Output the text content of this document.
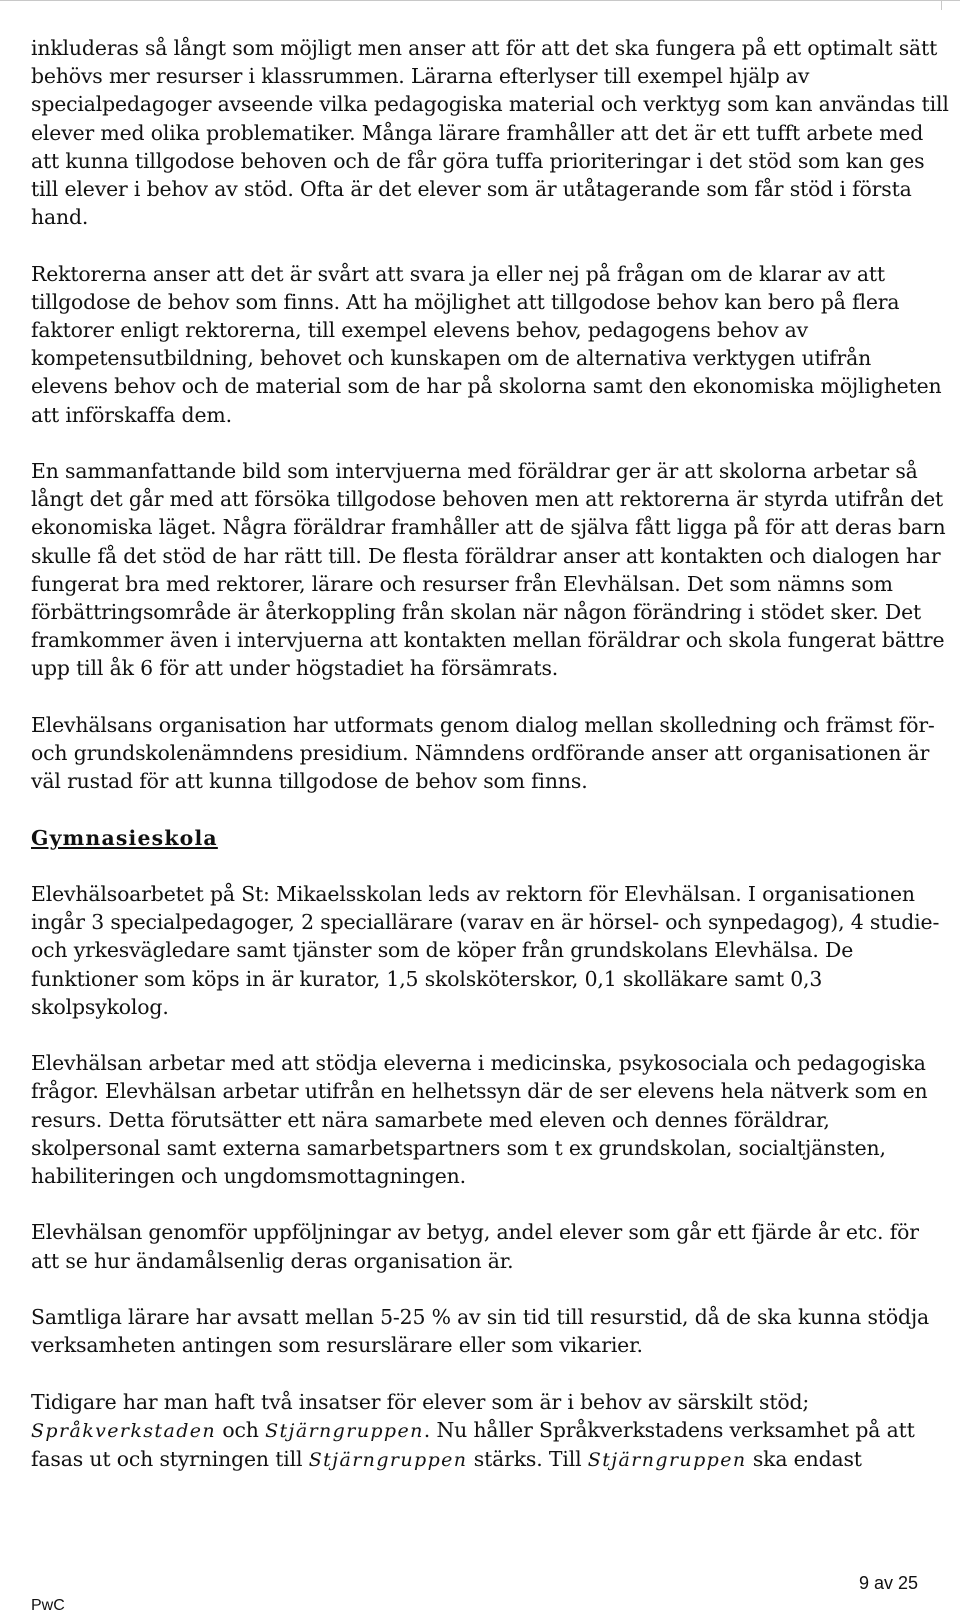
inkluderas så långt som möjligt men anser att för att det ska fungera på ett optimalt sätt behövs mer resurser i klassrummen. Lärarna efterlyser till exempel hjälp av specialpedagoger avseende vilka pedagogiska material och verktyg som kan användas till elever med olika problematiker. Många lärare framhåller att det är ett tufft arbete med att kunna tillgodose behoven och de får göra tuffa prioriteringar i det stöd som kan ges till elever i behov av stöd. Ofta är det elever som är utåtagerande som får stöd i första hand.

Rektorerna anser att det är svårt att svara ja eller nej på frågan om de klarar av att tillgodose de behov som finns. Att ha möjlighet att tillgodose behov kan bero på flera faktorer enligt rektorerna, till exempel elevens behov, pedagogens behov av kompetensutbildning, behovet och kunskapen om de alternativa verktygen utifrån elevens behov och de material som de har på skolorna samt den ekonomiska möjligheten att införskaffa dem.

En sammanfattande bild som intervjuerna med föräldrar ger är att skolorna arbetar så långt det går med att försöka tillgodose behoven men att rektorerna är styrda utifrån det ekonomiska läget. Några föräldrar framhåller att de själva fått ligga på för att deras barn skulle få det stöd de har rätt till. De flesta föräldrar anser att kontakten och dialogen har fungerat bra med rektorer, lärare och resurser från Elevhälsan. Det som nämns som förbättringsområde är återkoppling från skolan när någon förändring i stödet sker. Det framkommer även i intervjuerna att kontakten mellan föräldrar och skola fungerat bättre upp till åk 6 för att under högstadiet ha försämrats.

Elevhälsans organisation har utformats genom dialog mellan skolledning och främst för- och grundskolenämndens presidium. Nämndens ordförande anser att organisationen är väl rustad för att kunna tillgodose de behov som finns.

Gymnasieskola

Elevhälsoarbetet på St: Mikaelsskolan leds av rektorn för Elevhälsan. I organisationen ingår 3 specialpedagoger, 2 speciallärare (varav en är hörsel- och synpedagog), 4 studie- och yrkesvägledare samt tjänster som de köper från grundskolans Elevhälsa. De funktioner som köps in är kurator, 1,5 skolsköterskor, 0,1 skolläkare samt 0,3 skolpsykolog.

Elevhälsan arbetar med att stödja eleverna i medicinska, psykosociala och pedagogiska frågor. Elevhälsan arbetar utifrån en helhetssyn där de ser elevens hela nätverk som en resurs. Detta förutsätter ett nära samarbete med eleven och dennes föräldrar, skolpersonal samt externa samarbetspartners som t ex grundskolan, socialtjänsten, habiliteringen och ungdomsmottagningen.

Elevhälsan genomför uppföljningar av betyg, andel elever som går ett fjärde år etc. för att se hur ändamålsenlig deras organisation är.

Samtliga lärare har avsatt mellan 5-25 % av sin tid till resurstid, då de ska kunna stödja verksamheten antingen som resurslärare eller som vikarier.

Tidigare har man haft två insatser för elever som är i behov av särskilt stöd; Språkverkstaden och Stjärngruppen. Nu håller Språkverkstadens verksamhet på att fasas ut och styrningen till Stjärngruppen stärks. Till Stjärngruppen ska endast

9 av 25
PwC
